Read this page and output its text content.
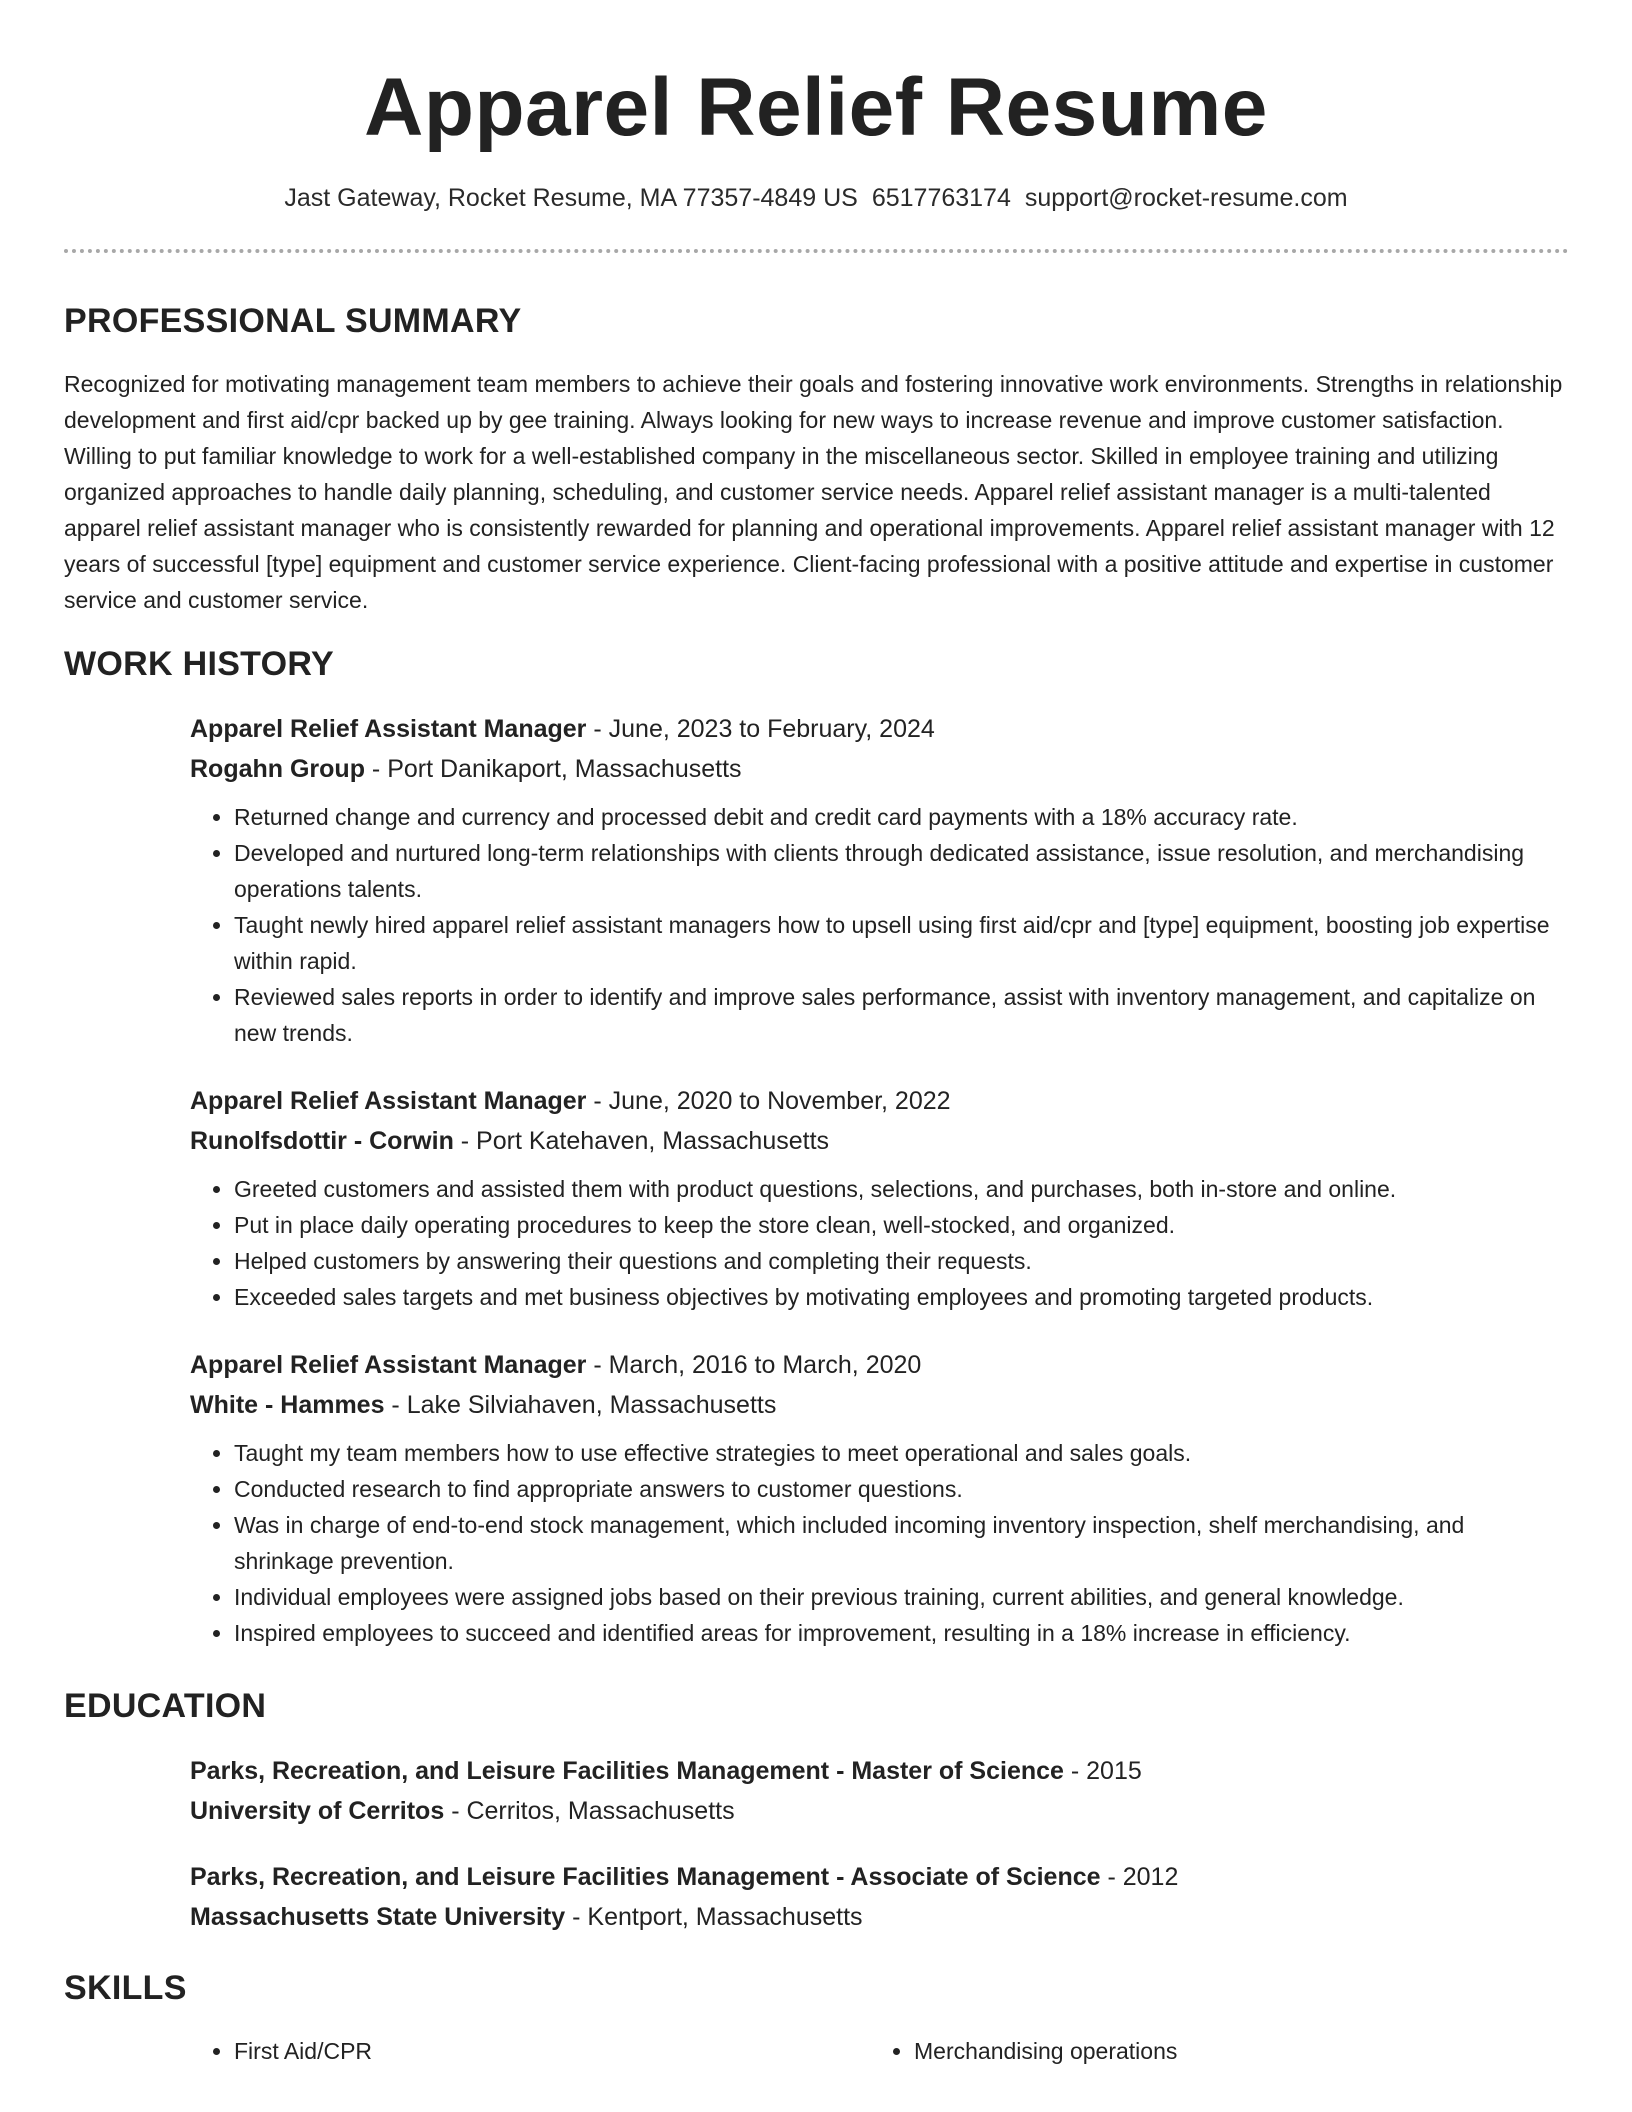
Apparel Relief Resume
Jast Gateway, Rocket Resume, MA 77357-4849 US 6517763174 support@rocket-resume.com
PROFESSIONAL SUMMARY

Recognized for motivating management team members to achieve their goals and fostering innovative work environments. Strengths in relationship development and first aid/cpr backed up by gee training. Always looking for new ways to increase revenue and improve customer satisfaction. Willing to put familiar knowledge to work for a well-established company in the miscellaneous sector. Skilled in employee training and utilizing organized approaches to handle daily planning, scheduling, and customer service needs. Apparel relief assistant manager is a multi-talented apparel relief assistant manager who is consistently rewarded for planning and operational improvements. Apparel relief assistant manager with 12 years of successful [type] equipment and customer service experience. Client-facing professional with a positive attitude and expertise in customer service and customer service.

WORK HISTORY
Apparel Relief Assistant Manager - June, 2023 to February, 2024
Rogahn Group - Port Danikaport, Massachusetts
• Returned change and currency and processed debit and credit card payments with a 18% accuracy rate.
• Developed and nurtured long-term relationships with clients through dedicated assistance, issue resolution, and merchandising operations talents.
• Taught newly hired apparel relief assistant managers how to upsell using first aid/cpr and [type] equipment, boosting job expertise within rapid.
• Reviewed sales reports in order to identify and improve sales performance, assist with inventory management, and capitalize on new trends.
Apparel Relief Assistant Manager - June, 2020 to November, 2022
Runolfsdottir - Corwin - Port Katehaven, Massachusetts
• Greeted customers and assisted them with product questions, selections, and purchases, both in-store and online.
• Put in place daily operating procedures to keep the store clean, well-stocked, and organized.
• Helped customers by answering their questions and completing their requests.
• Exceeded sales targets and met business objectives by motivating employees and promoting targeted products.
Apparel Relief Assistant Manager - March, 2016 to March, 2020
White - Hammes - Lake Silviahaven, Massachusetts
• Taught my team members how to use effective strategies to meet operational and sales goals.
• Conducted research to find appropriate answers to customer questions.
• Was in charge of end-to-end stock management, which included incoming inventory inspection, shelf merchandising, and shrinkage prevention.
• Individual employees were assigned jobs based on their previous training, current abilities, and general knowledge.
• Inspired employees to succeed and identified areas for improvement, resulting in a 18% increase in efficiency.
EDUCATION
Parks, Recreation, and Leisure Facilities Management - Master of Science - 2015
University of Cerritos - Cerritos, Massachusetts
Parks, Recreation, and Leisure Facilities Management - Associate of Science - 2012
Massachusetts State University - Kentport, Massachusetts
SKILLS
• First Aid/CPR
•	Merchandising operations
